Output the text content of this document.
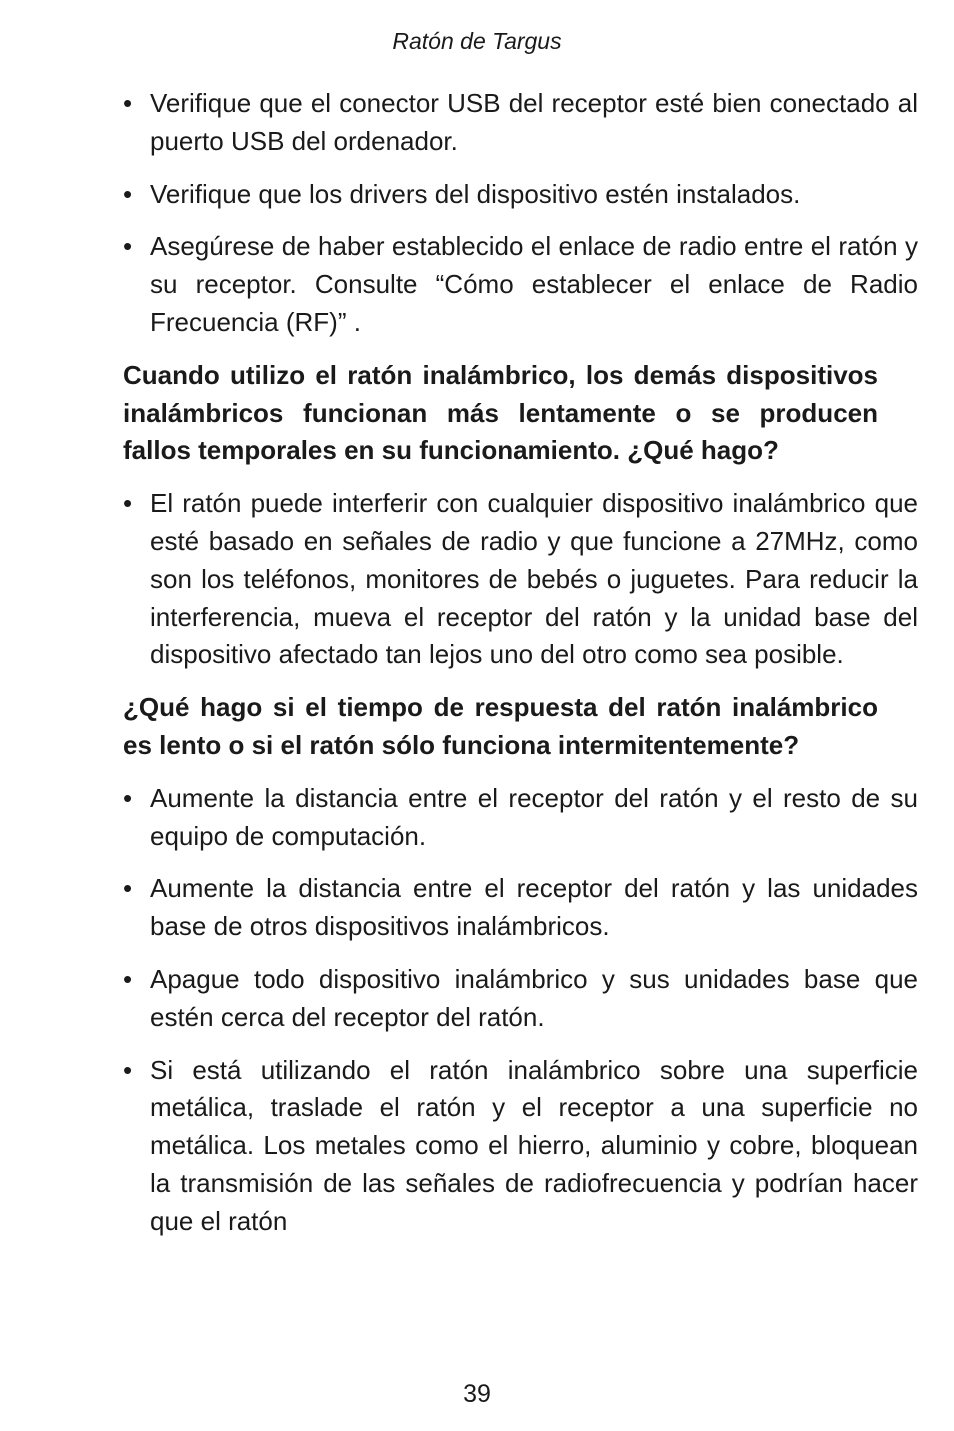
Ratón de Targus
• Verifique que el conector USB del receptor esté bien conectado al puerto USB del ordenador.
• Verifique que los drivers del dispositivo estén instalados.
• Asegúrese de haber establecido el enlace de radio entre el ratón y su receptor. Consulte “Cómo establecer el enlace de Radio Frecuencia (RF)” .

Cuando utilizo el ratón inalámbrico, los demás dispositivos inalámbricos funcionan más lentamente o se producen fallos temporales en su funcionamiento. ¿Qué hago?

• El ratón puede interferir con cualquier dispositivo inalámbrico que esté basado en señales de radio y que funcione a 27MHz, como son los teléfonos, monitores de bebés o juguetes. Para reducir la interferencia, mueva el receptor del ratón y la unidad base del dispositivo afectado tan lejos uno del otro como sea posible.

¿Qué hago si el tiempo de respuesta del ratón inalámbrico es lento o si el ratón sólo funciona intermitentemente?

• Aumente la distancia entre el receptor del ratón y el resto de su equipo de computación.
• Aumente la distancia entre el receptor del ratón y las unidades base de otros dispositivos inalámbricos.
• Apague todo dispositivo inalámbrico y sus unidades base que estén cerca del receptor del ratón.
• Si está utilizando el ratón inalámbrico sobre una superficie metálica, traslade el ratón y el receptor a una superficie no metálica. Los metales como el hierro, aluminio y cobre, bloquean la transmisión de las señales de radiofrecuencia y podrían hacer que el ratón
39
